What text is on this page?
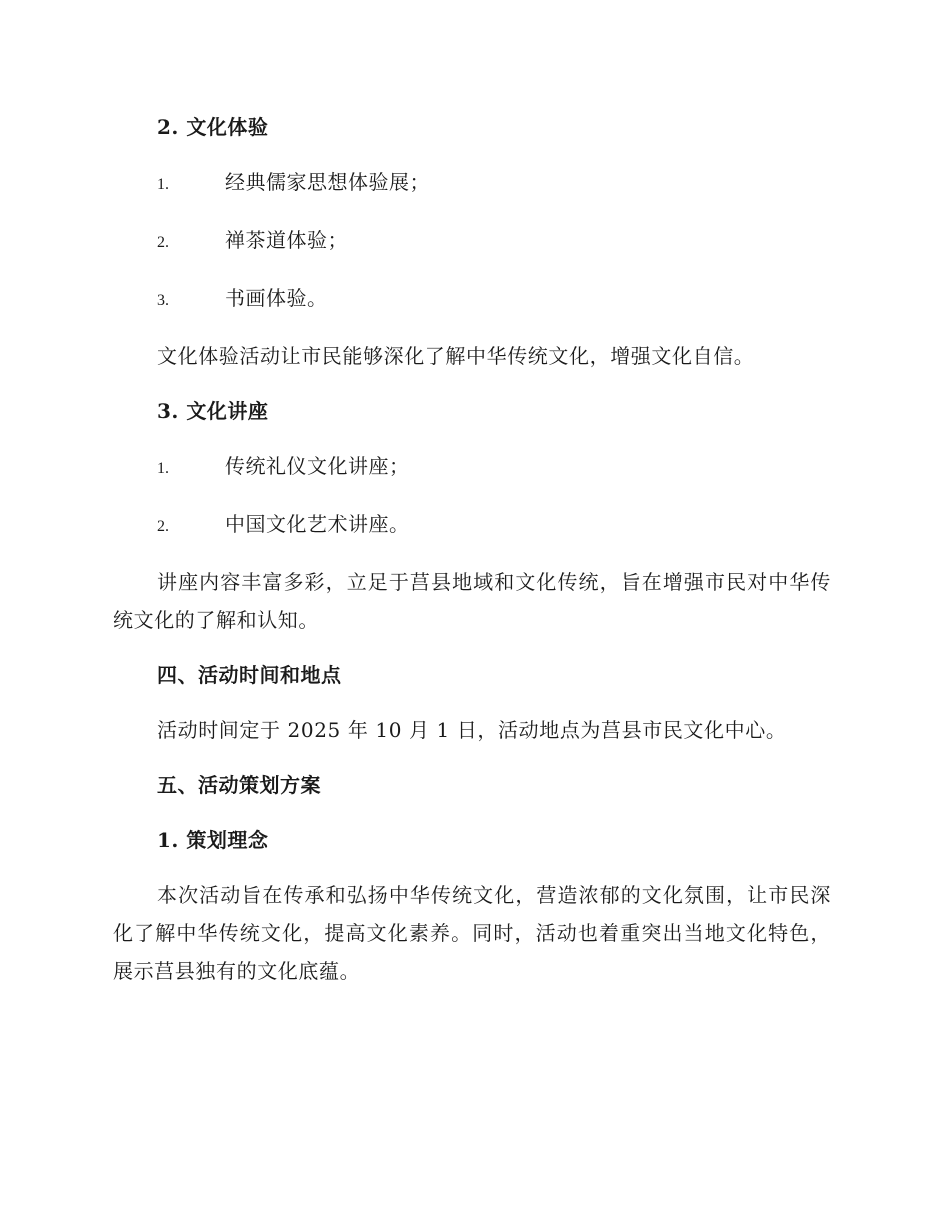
2. 文化体验
1.	经典儒家思想体验展；
2.	禅茶道体验；
3.	书画体验。

文化体验活动让市民能够深化了解中华传统文化，增强文化自信。

3. 文化讲座
1.	传统礼仪文化讲座；
2.	中国文化艺术讲座。

讲座内容丰富多彩，立足于莒县地域和文化传统，旨在增强市民对中华传统文化的了解和认知。

四、活动时间和地点

活动时间定于 2025 年 10 月 1 日，活动地点为莒县市民文化中心。

五、活动策划方案
1. 策划理念

本次活动旨在传承和弘扬中华传统文化，营造浓郁的文化氛围，让市民深化了解中华传统文化，提高文化素养。同时，活动也着重突出当地文化特色，展示莒县独有的文化底蕴。
